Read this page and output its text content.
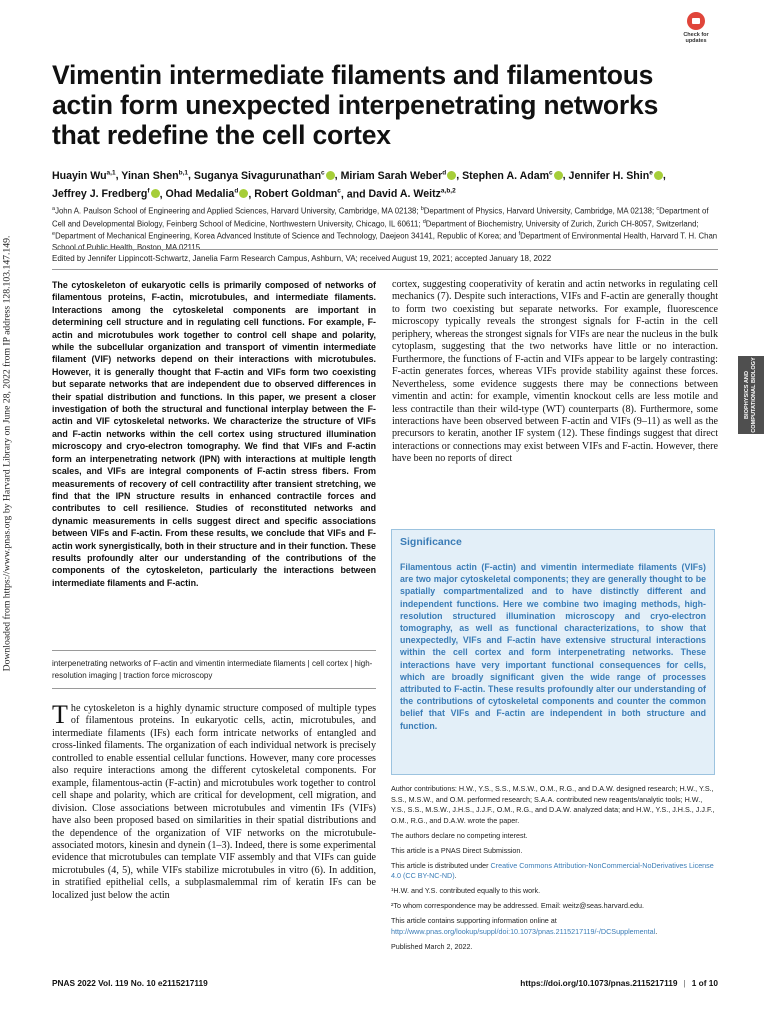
Check for updates
Vimentin intermediate filaments and filamentous actin form unexpected interpenetrating networks that redefine the cell cortex
Huayin Wu$^{a,1}$, Yinan Shen$^{b,1}$, Suganya Sivagurunathan$^c$ , Miriam Sarah Weber$^d$ , Stephen A. Adam$^c$ , Jennifer H. Shin$^e$ , Jeffrey J. Fredberg$^f$ , Ohad Medalia$^d$ , Robert Goldman$^c$, and David A. Weitz$^{a,b,2}$
$^a$John A. Paulson School of Engineering and Applied Sciences, Harvard University, Cambridge, MA 02138; $^b$Department of Physics, Harvard University, Cambridge, MA 02138; $^c$Department of Cell and Developmental Biology, Feinberg School of Medicine, Northwestern University, Chicago, IL 60611; $^d$Department of Biochemistry, University of Zurich, Zurich CH-8057, Switzerland; $^e$Department of Mechanical Engineering, Korea Advanced Institute of Science and Technology, Daejeon 34141, Republic of Korea; and $^f$Department of Environmental Health, Harvard T. H. Chan School of Public Health, Boston, MA 02115
Edited by Jennifer Lippincott-Schwartz, Janelia Farm Research Campus, Ashburn, VA; received August 19, 2021; accepted January 18, 2022

The cytoskeleton of eukaryotic cells is primarily composed of networks of filamentous proteins, F-actin, microtubules, and intermediate filaments. Interactions among the cytoskeletal components are important in determining cell structure and in regulating cell functions. For example, F-actin and microtubules work together to control cell shape and polarity, while the subcellular organization and transport of vimentin intermediate filament (VIF) networks depend on their interactions with microtubules. However, it is generally thought that F-actin and VIFs form two coexisting but separate networks that are independent due to observed differences in their spatial distribution and functions. In this paper, we present a closer investigation of both the structural and functional interplay between the F-actin and VIF cytoskeletal networks. We characterize the structure of VIFs and F-actin networks within the cell cortex using structured illumination microscopy and cryo-electron tomography. We find that VIFs and F-actin form an interpenetrating network (IPN) with interactions at multiple length scales, and VIFs are integral components of F-actin stress fibers. From measurements of recovery of cell contractility after transient stretching, we find that the IPN structure results in enhanced contractile forces and contributes to cell resilience. Studies of reconstituted networks and dynamic measurements in cells suggest direct and specific associations between VIFs and F-actin. From these results, we conclude that VIFs and F-actin work synergistically, both in their structure and in their function. These results profoundly alter our understanding of the contributions of the components of the cytoskeleton, particularly the interactions between intermediate filaments and F-actin.

interpenetrating networks of F-actin and vimentin intermediate filaments | cell cortex | high-resolution imaging | traction force microscopy

The cytoskeleton is a highly dynamic structure composed of multiple types of filamentous proteins. In eukaryotic cells, actin, microtubules, and intermediate filaments (IFs) each form intricate networks of entangled and cross-linked filaments. The organization of each individual network is precisely controlled to enable essential cellular functions. However, many core processes also require interactions among the different cytoskeletal components. For example, filamentous-actin (F-actin) and microtubules work together to control cell shape and polarity, which are critical for development, cell migration, and division. Close associations between microtubules and vimentin IFs (VIFs) have also been proposed based on similarities in their spatial distributions and the dependence of the organization of VIF networks on the microtubule-associated motors, kinesin and dynein (1–3). Indeed, there is some experimental evidence that microtubules can template VIF assembly and that VIFs can guide microtubules (4, 5), while VIFs stabilize microtubules in vitro (6). In addition, in stratified epithelial cells, a subplasmalemmal rim of keratin IFs can be localized just below the actin

cortex, suggesting cooperativity of keratin and actin networks in regulating cell mechanics (7). Despite such interactions, VIFs and F-actin are generally thought to form two coexisting but separate networks. For example, fluorescence microscopy typically reveals the strongest signals for F-actin in the cell periphery, whereas the strongest signals for VIFs are near the nucleus in the bulk cytoplasm, suggesting that the two networks have little or no interaction. Furthermore, the functions of F-actin and VIFs appear to be largely contrasting: F-actin generates forces, whereas VIFs provide stability against these forces. Nevertheless, some evidence suggests there may be connections between vimentin and actin: for example, vimentin knockout cells are less motile and less contractile than their wild-type (WT) counterparts (8). Furthermore, some interactions have been observed between F-actin and VIFs (9–11) as well as the precursors to keratin, another IF system (12). These findings suggest that direct interactions or connections may exist between VIFs and F-actin. However, there have been no reports of direct

Significance

Filamentous actin (F-actin) and vimentin intermediate filaments (VIFs) are two major cytoskeletal components; they are generally thought to be spatially compartmentalized and to have distinctly different and independent functions. Here we combine two imaging methods, high-resolution structured illumination microscopy and cryo-electron tomography, as well as functional characterizations, to show that unexpectedly, VIFs and F-actin have extensive structural interactions within the cell cortex and form interpenetrating networks. These interactions have very important functional consequences for cells, which are broadly significant given the wide range of processes attributed to F-actin. These results profoundly alter our understanding of the contributions of cytoskeletal components and counter the common belief that VIFs and F-actin are independent in both structure and function.

Author contributions: H.W., Y.S., S.S., M.S.W., O.M., R.G., and D.A.W. designed research; H.W., Y.S., S.S., M.S.W., and O.M. performed research; S.A.A. contributed new reagents/analytic tools; H.W., Y.S., S.S., M.S.W., J.H.S., J.J.F., O.M., R.G., and D.A.W. analyzed data; and H.W., Y.S., J.H.S., J.J.F., O.M., R.G., and D.A.W. wrote the paper.

The authors declare no competing interest.

This article is a PNAS Direct Submission.

This article is distributed under Creative Commons Attribution-NonCommercial-NoDerivatives License 4.0 (CC BY-NC-ND).

¹H.W. and Y.S. contributed equally to this work.

²To whom correspondence may be addressed. Email: weitz@seas.harvard.edu.

This article contains supporting information online at http://www.pnas.org/lookup/suppl/doi:10.1073/pnas.2115217119/-/DCSupplemental.

Published March 2, 2022.

BIOPHYSICS AND COMPUTATIONAL BIOLOGY
Downloaded from https://www.pnas.org by Harvard Library on June 28, 2022 from IP address 128.103.147.149.
PNAS 2022 Vol. 119 No. 10 e2115217119	https://doi.org/10.1073/pnas.2115217119 | 1 of 10
